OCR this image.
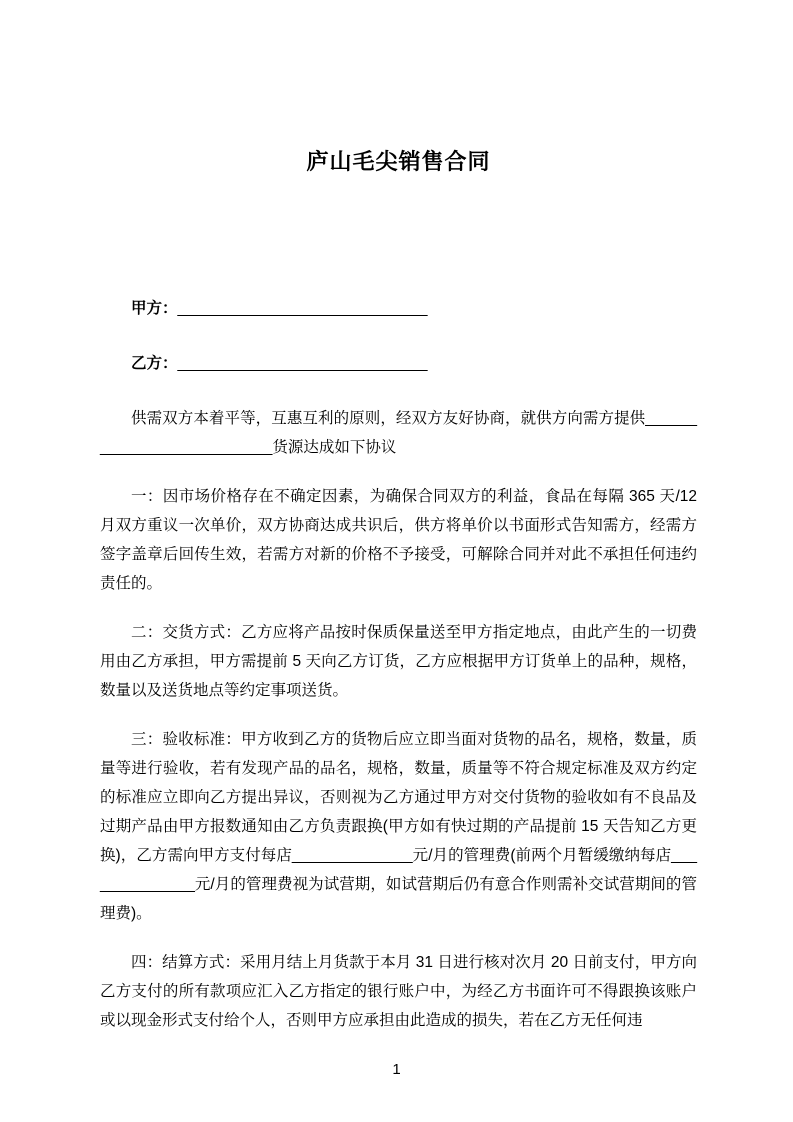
庐山毛尖销售合同
甲方：_____________________________
乙方：_____________________________

供需双方本着平等，互惠互利的原则，经双方友好协商，就供方向需方提供__________________________货源达成如下协议

一：因市场价格存在不确定因素，为确保合同双方的利益，食品在每隔 365 天/12 月双方重议一次单价，双方协商达成共识后，供方将单价以书面形式告知需方，经需方签字盖章后回传生效，若需方对新的价格不予接受，可解除合同并对此不承担任何违约责任的。

二：交货方式：乙方应将产品按时保质保量送至甲方指定地点，由此产生的一切费用由乙方承担，甲方需提前 5 天向乙方订货，乙方应根据甲方订货单上的品种，规格，数量以及送货地点等约定事项送货。

三：验收标准：甲方收到乙方的货物后应立即当面对货物的品名，规格，数量，质量等进行验收，若有发现产品的品名，规格，数量，质量等不符合规定标准及双方约定的标准应立即向乙方提出异议，否则视为乙方通过甲方对交付货物的验收如有不良品及过期产品由甲方报数通知由乙方负责跟换(甲方如有快过期的产品提前 15 天告知乙方更换)，乙方需向甲方支付每店______________元/月的管理费(前两个月暂缓缴纳每店______________元/月的管理费视为试营期，如试营期后仍有意合作则需补交试营期间的管理费)。

四：结算方式：采用月结上月货款于本月 31 日进行核对次月 20 日前支付，甲方向乙方支付的所有款项应汇入乙方指定的银行账户中，为经乙方书面许可不得跟换该账户或以现金形式支付给个人，否则甲方应承担由此造成的损失，若在乙方无任何违

1
